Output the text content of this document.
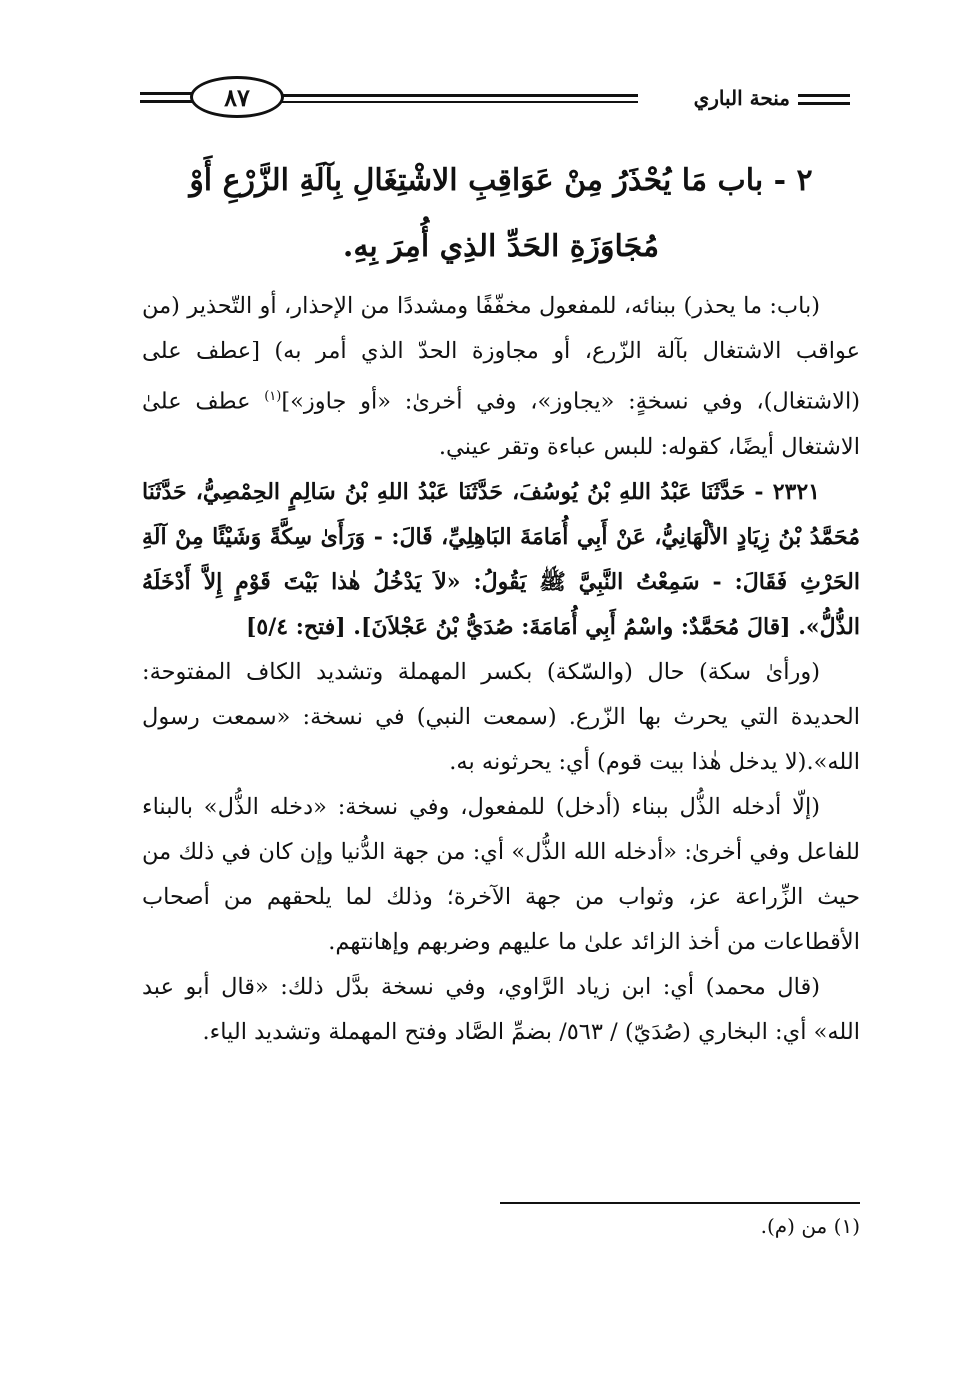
منحة الباري
٨٧
٢ - باب مَا يُحْذَرُ مِنْ عَوَاقِبِ الاشْتِغَالِ بِآلَةِ الزَّرْعِ أَوْ مُجَاوَزَةِ الحَدِّ الذِي أُمِرَ بِهِ.

(باب: ما يحذر) ببنائه، للمفعول مخفّفًا ومشددًا من الإحذار، أو التّحذير (من عواقب الاشتغال بآلة الزّرع، أو مجاوزة الحدّ الذي أمر به) [عطف على (الاشتغال)، وفي نسخةٍ: «يجاوز»، وفي أخرىٰ: «أو جاوز»]$^{(١)}$ عطف علىٰ الاشتغال أيضًا، كقوله: للبس عباءة وتقر عيني.

٢٣٢١ - حَدَّثَنَا عَبْدُ اللهِ بْنُ يُوسُفَ، حَدَّثَنَا عَبْدُ اللهِ بْنُ سَالِمٍ الحِمْصِيُّ، حَدَّثَنَا مُحَمَّدُ بْنُ زِيَادٍ الألْهَانِيُّ، عَنْ أَبِي أُمَامَةَ البَاهِلِيِّ، قَالَ: - وَرَأَىٰ سِكَّةً وَشَيْئًا مِنْ آلَةِ الحَرْثِ فَقَالَ: - سَمِعْتُ النَّبِيَّ ﷺ يَقُولُ: «لاَ يَدْخُلُ هٰذا بَيْتَ قَوْمٍ إِلاَّ أَدْخَلَهُ الذُّلُّ». [قالَ مُحَمَّدٌ: واسْمُ أَبِي أُمَامَةَ: صُدَيُّ بْنُ عَجْلاَنَ]. [فتح: ٥/٤]

(ورأىٰ سكة) حال (والسّكة) بكسر المهملة وتشديد الكاف المفتوحة: الحديدة التي يحرث بها الزّرع. (سمعت النبي) في نسخة: «سمعت رسول الله».(لا يدخل هٰذا بيت قوم) أي: يحرثونه به.

(إلّا أدخله الذُّل ببناء (أدخل) للمفعول، وفي نسخة: «دخله الذُّل» بالبناء للفاعل وفي أخرىٰ: «أدخله الله الذُّل» أي: من جهة الدُّنيا وإن كان في ذلك من حيث الزِّراعة عز، وثواب من جهة الآخرة؛ وذلك لما يلحقهم من أصحاب الأقطاعات من أخذ الزائد علىٰ ما عليهم وضربهم وإهانتهم.

(قال محمد) أي: ابن زياد الرَّاوي، وفي نسخة بدَّل ذلك: «قال أبو عبد الله» أي: البخاري (صُدَيّ) / ٥٦٣/ بضمِّ الصَّاد وفتح المهملة وتشديد الياء.

(١) من (م).
